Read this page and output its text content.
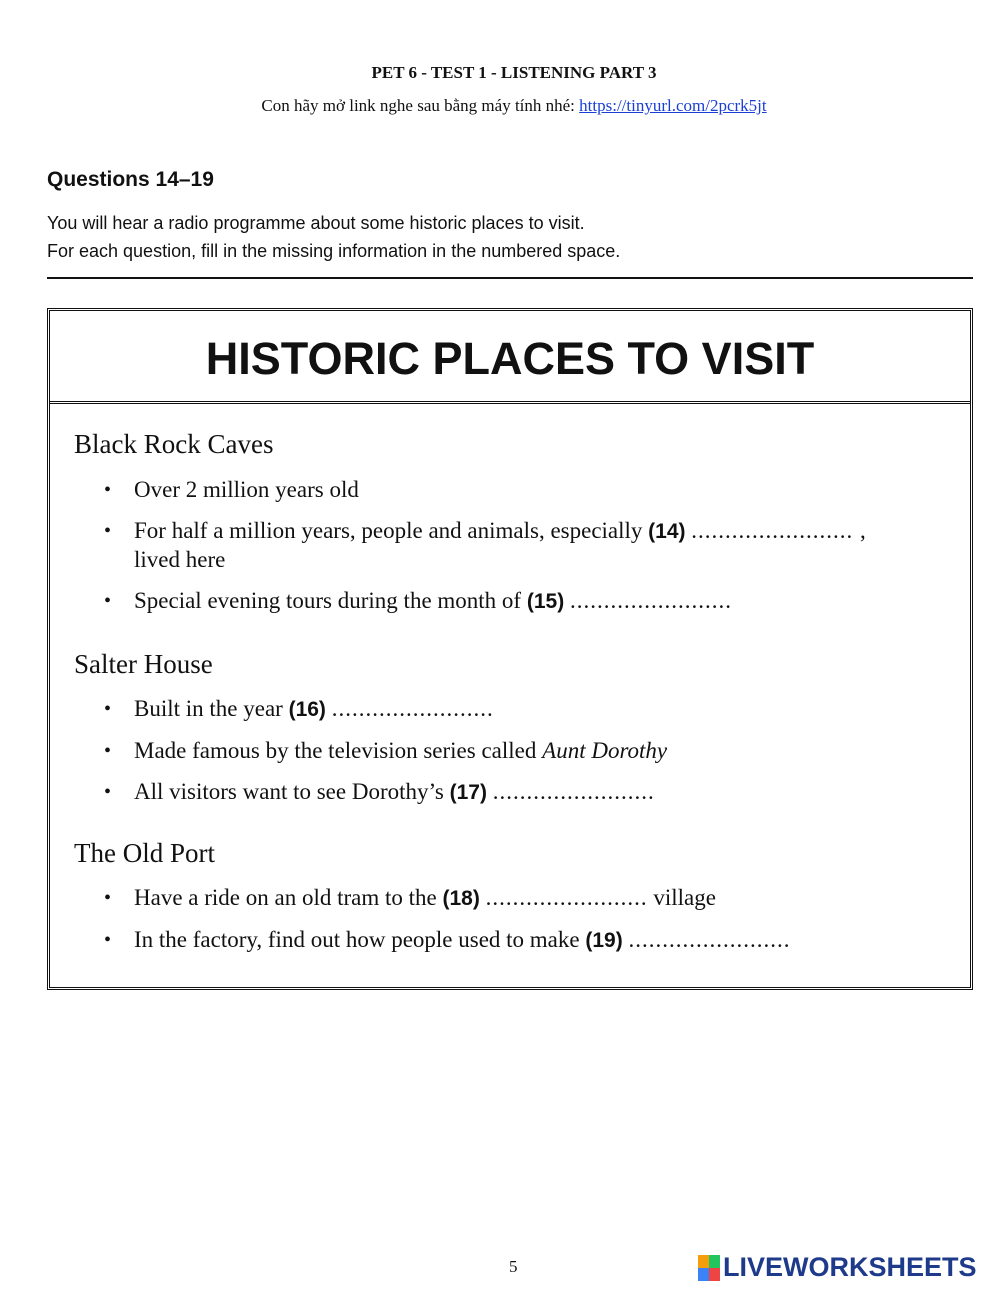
PET 6 - TEST 1 - LISTENING PART 3
Con hãy mở link nghe sau bằng máy tính nhé: https://tinyurl.com/2pcrk5jt
Questions 14–19
You will hear a radio programme about some historic places to visit.
For each question, fill in the missing information in the numbered space.
HISTORIC PLACES TO VISIT
Black Rock Caves
• Over 2 million years old
• For half a million years, people and animals, especially (14) ........................ ,
lived here
• Special evening tours during the month of (15) ........................
Salter House
• Built in the year (16) ........................
• Made famous by the television series called Aunt Dorothy
• All visitors want to see Dorothy’s (17) ........................
The Old Port
• Have a ride on an old tram to the (18) ........................ village
• In the factory, find out how people used to make (19) ........................
5	LIVEWORKSHEETS
